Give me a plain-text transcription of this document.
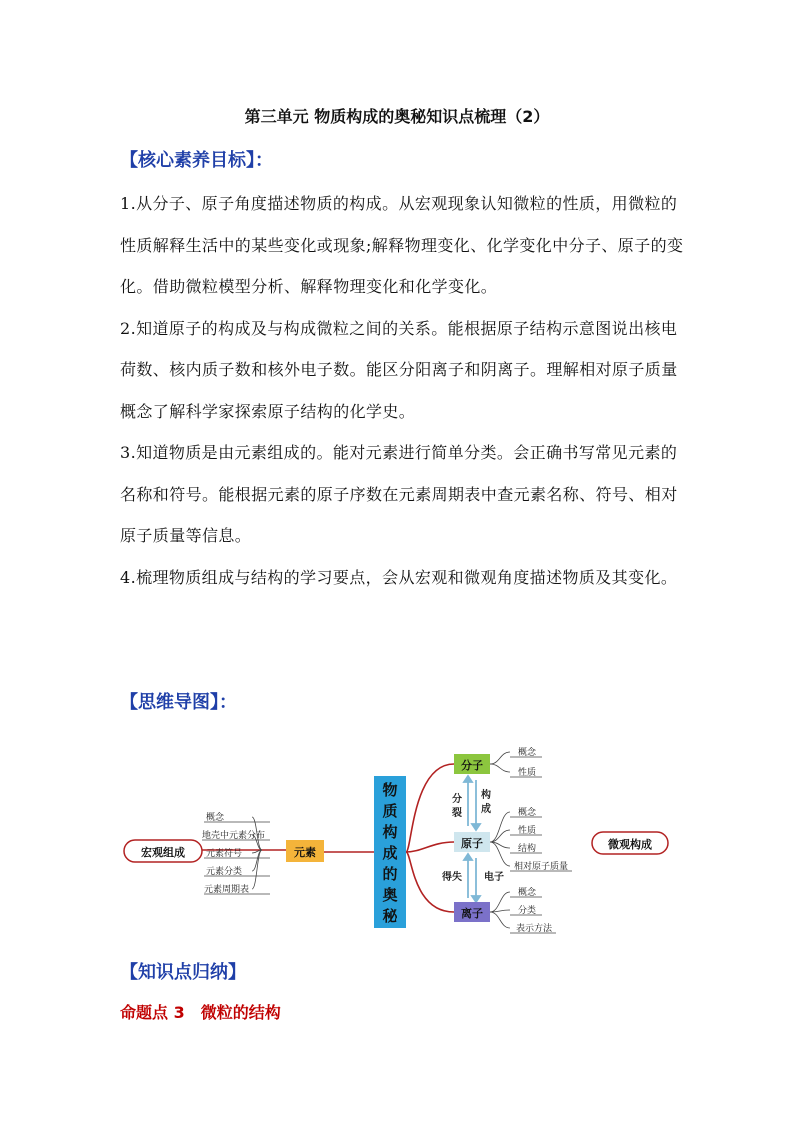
第三单元 物质构成的奥秘知识点梳理（2）
【核心素养目标】：

1.从分子、原子角度描述物质的构成。从宏观现象认知微粒的性质，用微粒的性质解释生活中的某些变化或现象;解释物理变化、化学变化中分子、原子的变化。借助微粒模型分析、解释物理变化和化学变化。

2.知道原子的构成及与构成微粒之间的关系。能根据原子结构示意图说出核电荷数、核内质子数和核外电子数。能区分阳离子和阴离子。理解相对原子质量概念了解科学家探索原子结构的化学史。

3.知道物质是由元素组成的。能对元素进行简单分类。会正确书写常见元素的名称和符号。能根据元素的原子序数在元素周期表中查元素名称、符号、相对原子质量等信息。

4.梳理物质组成与结构的学习要点，会从宏观和微观角度描述物质及其变化。

【思维导图】：
宏观组成
概念
地壳中元素分布
元素符号
元素分类
元素周期表
元素
物
质
构
成
的
奥
秘
分子
概念
性质
分
裂
构
成
原子
概念
性质
结构
相对原子质量
得失 电子
离子
概念
分类
表示方法
微观构成
【知识点归纳】
命题点 3 微粒的结构
